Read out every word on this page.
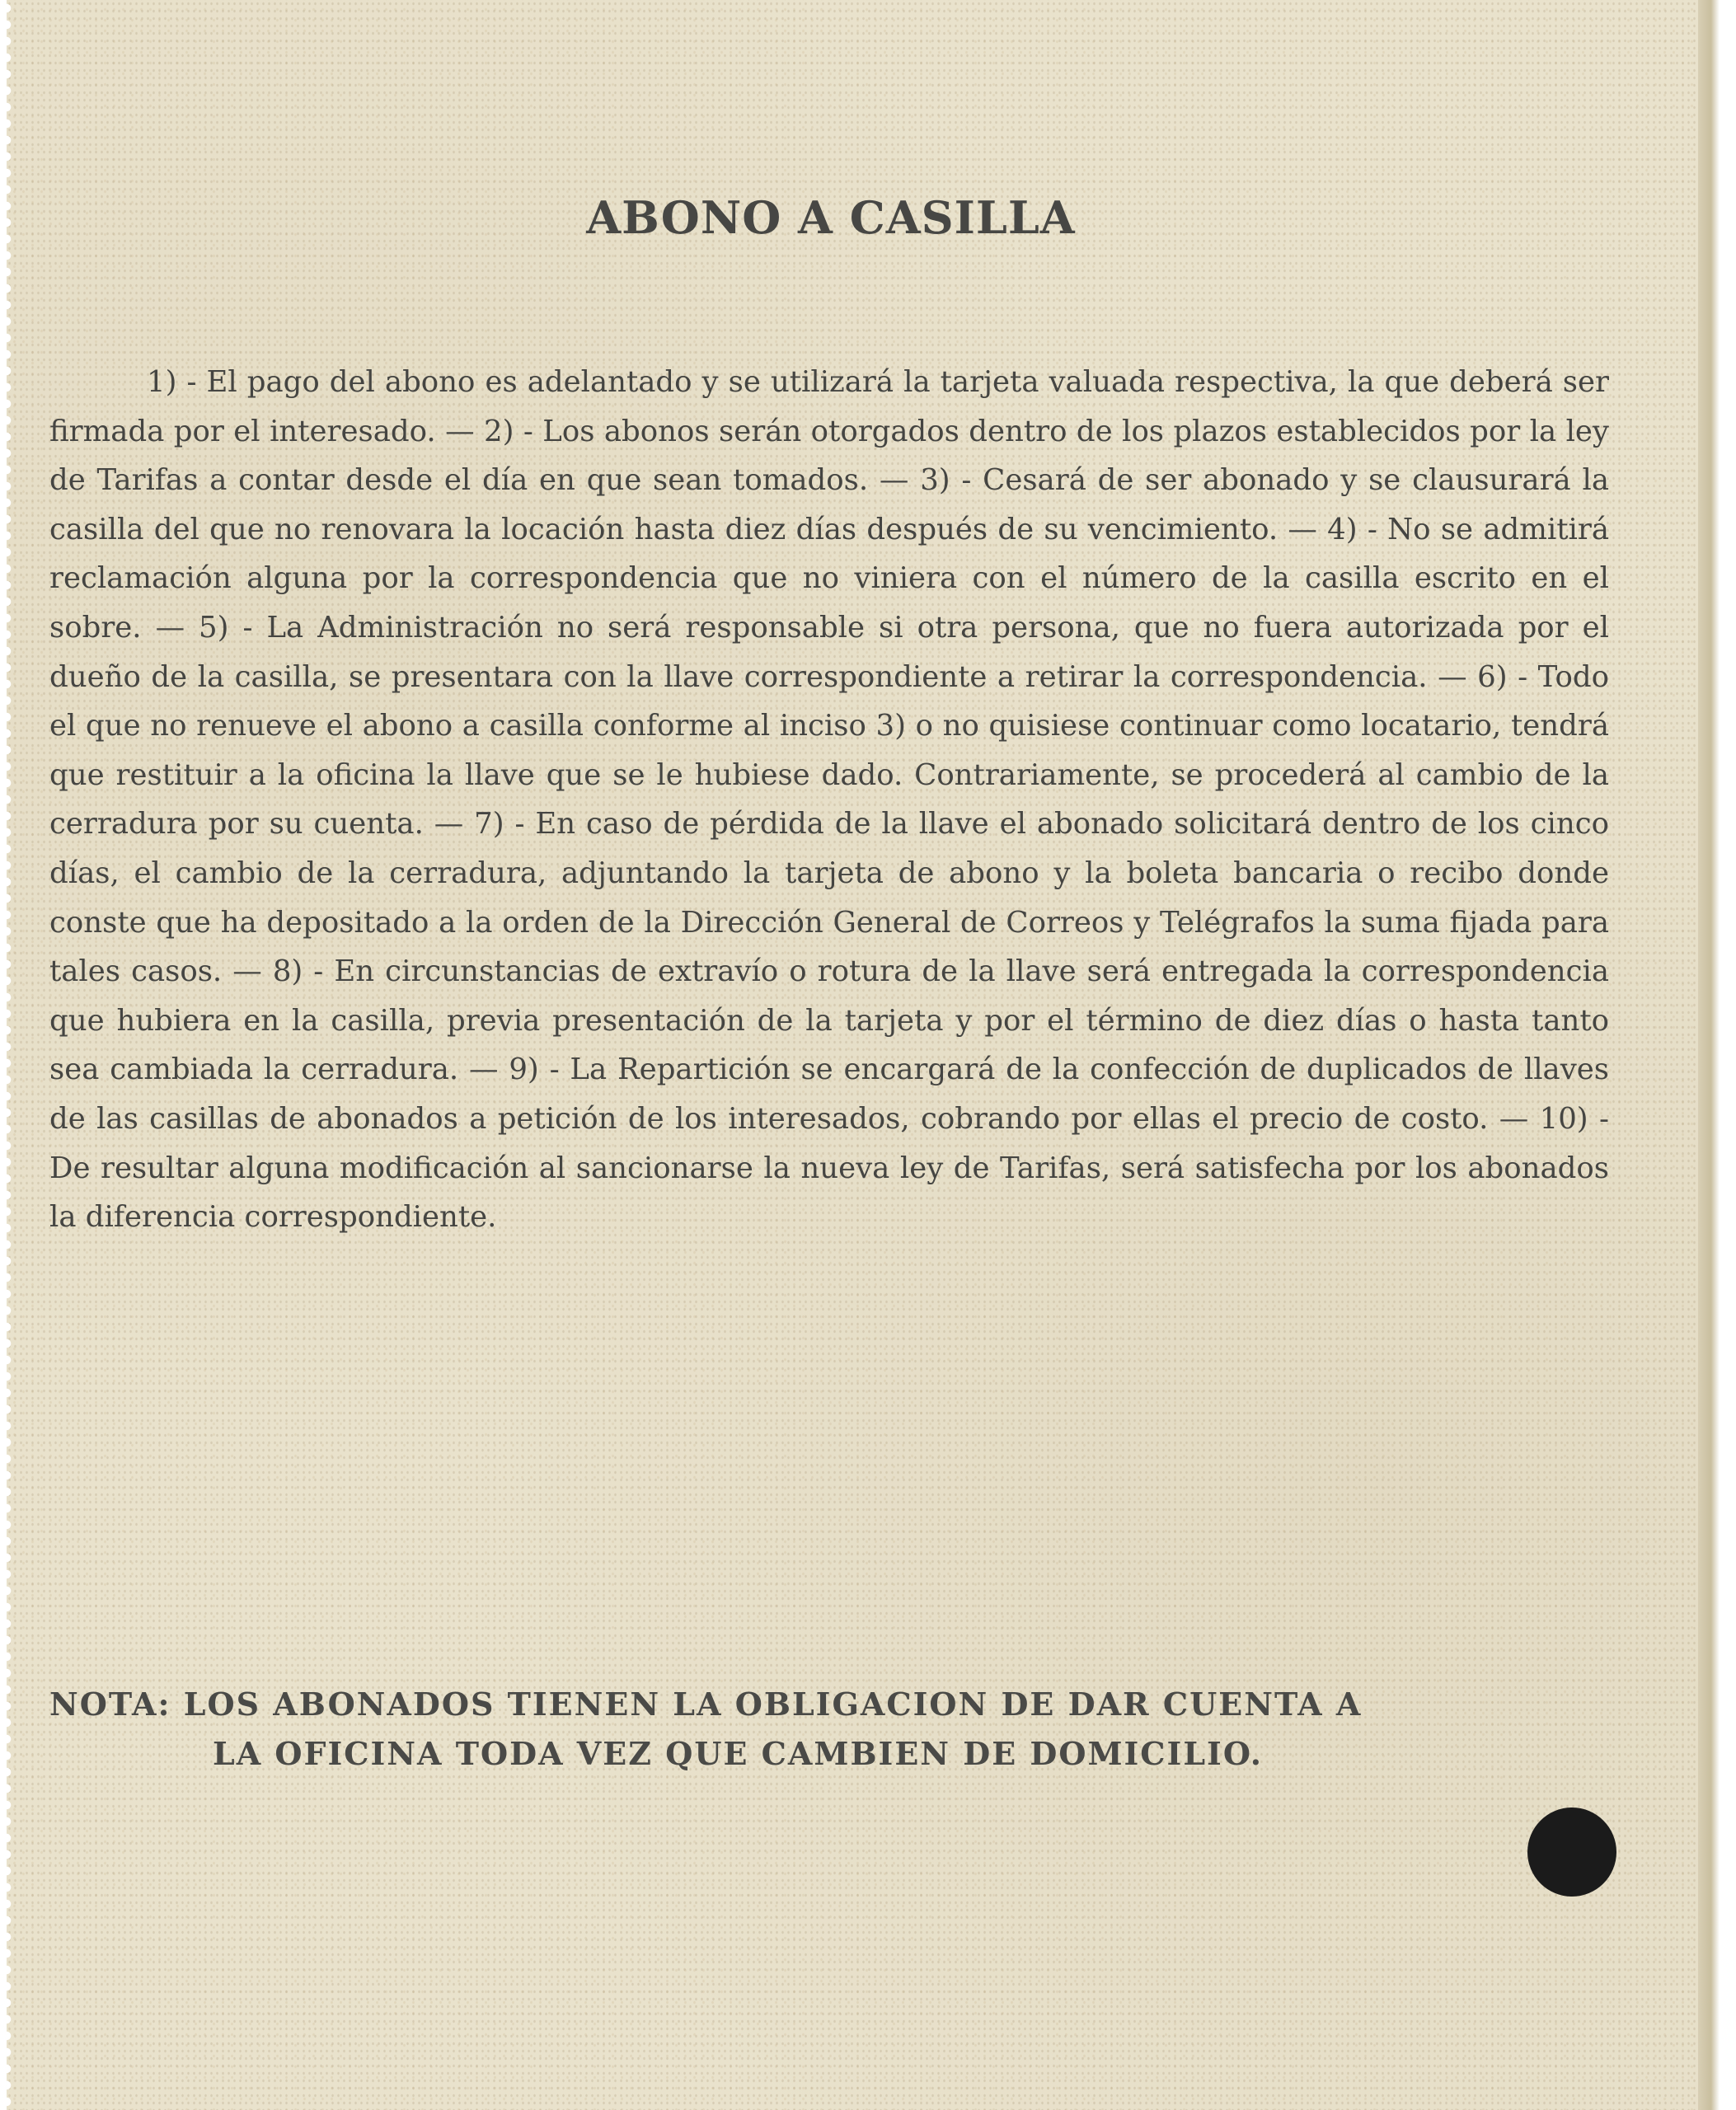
ABONO A CASILLA

1) - El pago del abono es adelantado y se utilizará la tarjeta valuada respectiva, la que deberá ser firmada por el interesado. — 2) - Los abonos serán otorgados dentro de los plazos establecidos por la ley de Tarifas a contar desde el día en que sean tomados. — 3) - Cesará de ser abonado y se clausurará la casilla del que no renovara la locación hasta diez días después de su vencimiento. — 4) - No se admitirá reclamación alguna por la correspondencia que no viniera con el número de la casilla escrito en el sobre. — 5) - La Administración no será responsable si otra persona, que no fuera autorizada por el dueño de la casilla, se presentara con la llave correspondiente a retirar la correspondencia. — 6) - Todo el que no renueve el abono a casilla conforme al inciso 3) o no quisiese continuar como locatario, tendrá que restituir a la oficina la llave que se le hubiese dado. Contrariamente, se procederá al cambio de la cerradura por su cuenta. — 7) - En caso de pérdida de la llave el abonado solicitará dentro de los cinco días, el cambio de la cerradura, adjuntando la tarjeta de abono y la boleta bancaria o recibo donde conste que ha depositado a la orden de la Dirección General de Correos y Telégrafos la suma fijada para tales casos. — 8) - En circunstancias de extravío o rotura de la llave será entregada la correspondencia que hubiera en la casilla, previa presentación de la tarjeta y por el término de diez días o hasta tanto sea cambiada la cerradura. — 9) - La Repartición se encargará de la confección de duplicados de llaves de las casillas de abonados a petición de los interesados, cobrando por ellas el precio de costo. — 10) - De resultar alguna modificación al sancionarse la nueva ley de Tarifas, será satisfecha por los abonados la diferencia correspondiente.

NOTA: LOS ABONADOS TIENEN LA OBLIGACION DE DAR CUENTA A
LA OFICINA TODA VEZ QUE CAMBIEN DE DOMICILIO.
